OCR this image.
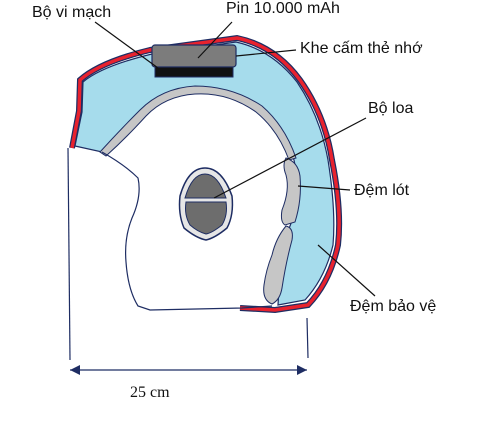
Bộ vi mạch	Pin 10.000 mAh
Khe cấm thẻ nhớ
Bộ loa
Đệm lót
Đệm bảo vệ
25 cm
